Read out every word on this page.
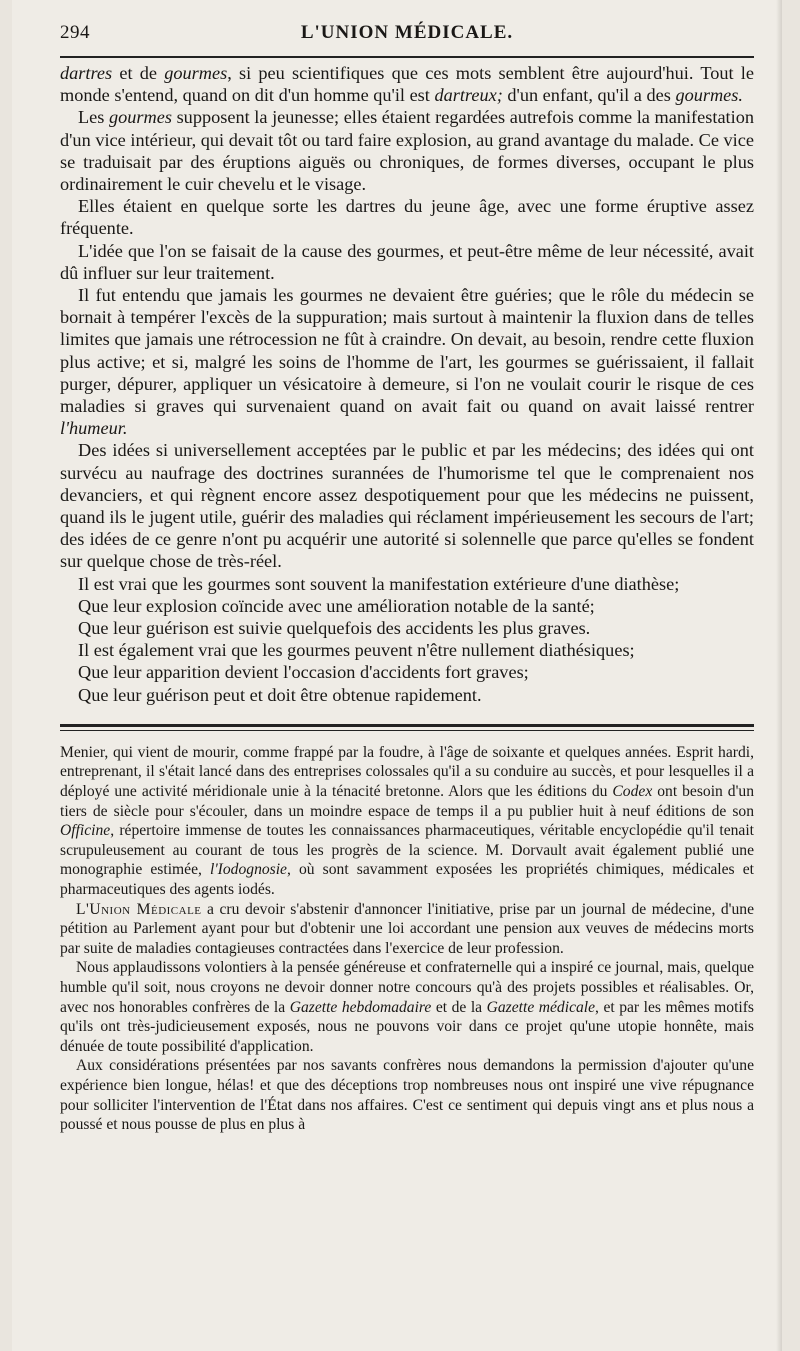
294	L'UNION MÉDICALE.

dartres et de gourmes, si peu scientifiques que ces mots semblent être aujourd'hui. Tout le monde s'entend, quand on dit d'un homme qu'il est dartreux; d'un enfant, qu'il a des gourmes.

Les gourmes supposent la jeunesse; elles étaient regardées autrefois comme la manifestation d'un vice intérieur, qui devait tôt ou tard faire explosion, au grand avantage du malade. Ce vice se traduisait par des éruptions aiguës ou chroniques, de formes diverses, occupant le plus ordinairement le cuir chevelu et le visage.

Elles étaient en quelque sorte les dartres du jeune âge, avec une forme éruptive assez fréquente.

L'idée que l'on se faisait de la cause des gourmes, et peut-être même de leur nécessité, avait dû influer sur leur traitement.

Il fut entendu que jamais les gourmes ne devaient être guéries; que le rôle du médecin se bornait à tempérer l'excès de la suppuration; mais surtout à maintenir la fluxion dans de telles limites que jamais une rétrocession ne fût à craindre. On devait, au besoin, rendre cette fluxion plus active; et si, malgré les soins de l'homme de l'art, les gourmes se guérissaient, il fallait purger, dépurer, appliquer un vésicatoire à demeure, si l'on ne voulait courir le risque de ces maladies si graves qui survenaient quand on avait fait ou quand on avait laissé rentrer l'humeur.

Des idées si universellement acceptées par le public et par les médecins; des idées qui ont survécu au naufrage des doctrines surannées de l'humorisme tel que le comprenaient nos devanciers, et qui règnent encore assez despotiquement pour que les médecins ne puissent, quand ils le jugent utile, guérir des maladies qui réclament impérieusement les secours de l'art; des idées de ce genre n'ont pu acquérir une autorité si solennelle que parce qu'elles se fondent sur quelque chose de très-réel.

Il est vrai que les gourmes sont souvent la manifestation extérieure d'une diathèse;

Que leur explosion coïncide avec une amélioration notable de la santé;

Que leur guérison est suivie quelquefois des accidents les plus graves.

Il est également vrai que les gourmes peuvent n'être nullement diathésiques;

Que leur apparition devient l'occasion d'accidents fort graves;

Que leur guérison peut et doit être obtenue rapidement.

Menier, qui vient de mourir, comme frappé par la foudre, à l'âge de soixante et quelques années. Esprit hardi, entreprenant, il s'était lancé dans des entreprises colossales qu'il a su conduire au succès, et pour lesquelles il a déployé une activité méridionale unie à la ténacité bretonne. Alors que les éditions du Codex ont besoin d'un tiers de siècle pour s'écouler, dans un moindre espace de temps il a pu publier huit à neuf éditions de son Officine, répertoire immense de toutes les connaissances pharmaceutiques, véritable encyclopédie qu'il tenait scrupuleusement au courant de tous les progrès de la science. M. Dorvault avait également publié une monographie estimée, l'Iodognosie, où sont savamment exposées les propriétés chimiques, médicales et pharmaceutiques des agents iodés.

L'Union Médicale a cru devoir s'abstenir d'annoncer l'initiative, prise par un journal de médecine, d'une pétition au Parlement ayant pour but d'obtenir une loi accordant une pension aux veuves de médecins morts par suite de maladies contagieuses contractées dans l'exercice de leur profession.

Nous applaudissons volontiers à la pensée généreuse et confraternelle qui a inspiré ce journal, mais, quelque humble qu'il soit, nous croyons ne devoir donner notre concours qu'à des projets possibles et réalisables. Or, avec nos honorables confrères de la Gazette hebdomadaire et de la Gazette médicale, et par les mêmes motifs qu'ils ont très-judicieusement exposés, nous ne pouvons voir dans ce projet qu'une utopie honnête, mais dénuée de toute possibilité d'application.

Aux considérations présentées par nos savants confrères nous demandons la permission d'ajouter qu'une expérience bien longue, hélas! et que des déceptions trop nombreuses nous ont inspiré une vive répugnance pour solliciter l'intervention de l'État dans nos affaires. C'est ce sentiment qui depuis vingt ans et plus nous a poussé et nous pousse de plus en plus à
